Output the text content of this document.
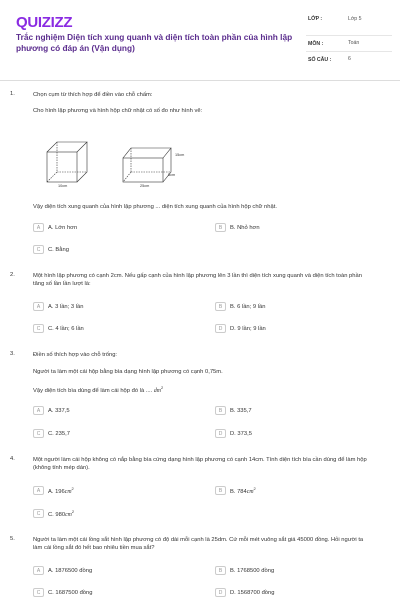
QUIZIZZ
Trắc nghiệm Diện tích xung quanh và diện tích toàn phần của hình lập phương có đáp án (Vận dụng)
LỚP :	Lớp 5
MÔN :	Toán
SỐ CÂU :	6
1.	Chọn cụm từ thích hợp để điền vào chỗ chấm:
Cho hình lập phương và hình hộp chữ nhật có số đo như hình vẽ:
10cm	25cm
5cm
15cm
Vậy diện tích xung quanh của hình lập phương ... diện tích xung quanh của hình hộp chữ nhật.
A	A. Lớn hơn	B	B. Nhỏ hơn
C	C. Bằng
2.	Một hình lập phương có cạnh 2cm. Nếu gấp cạnh của hình lập phương lên 3 lần thì diện tích xung quanh và diện tích toàn phần tăng số lần lần lượt là:
A	A. 3 lần; 3 lần	B	B. 6 lần; 9 lần
C	C. 4 lần; 6 lần	D	D. 9 lần; 9 lần
3.	Điền số thích hợp vào chỗ trống:
Người ta làm một cái hộp bằng bìa dạng hình lập phương có cạnh 0,75m.
Vậy diện tích bìa dùng để làm cái hộp đó là .... $dm^2$
A	A. 337,5	B	B. 335,7
C	C. 235,7	D	D. 373,5
4.	Một người làm cái hộp không có nắp bằng bìa cứng dạng hình lập phương có cạnh 14cm. Tính diện tích bìa cần dùng để làm hộp (không tính mép dán).
A	A. $196cm^2$	B	B. $784cm^2$
C	C. $980cm^2$
5.	Người ta làm một cái lồng sắt hình lập phương có độ dài mỗi cạnh là 25dm. Cứ mỗi mét vuông sắt giá 45000 đồng. Hỏi người ta làm cái lồng sắt đó hết bao nhiêu tiền mua sắt?
A	A. 1876500 đồng	B	B. 1768500 đồng
C	C. 1687500 đồng	D	D. 1568700 đồng
